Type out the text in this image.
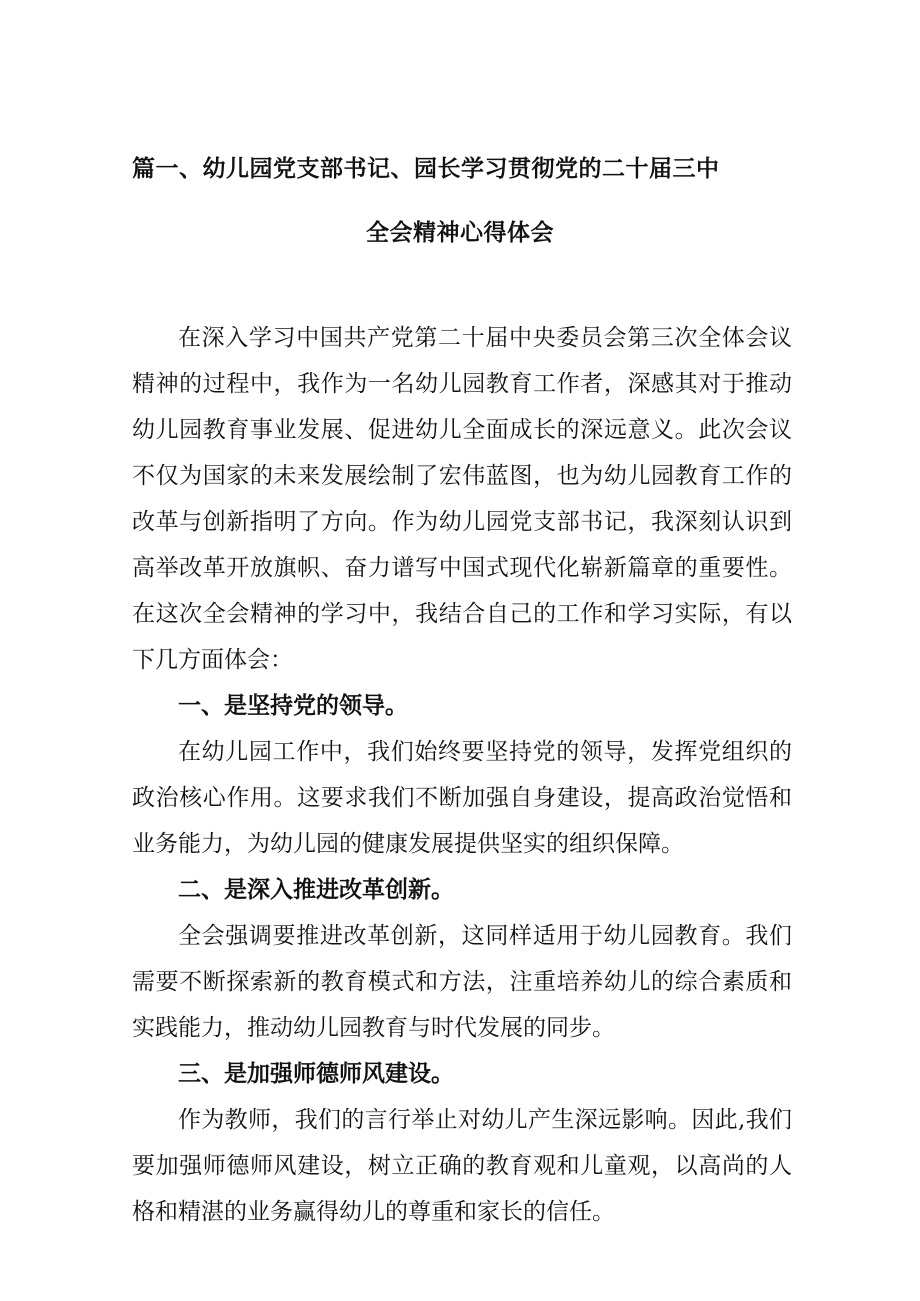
篇一、幼儿园党支部书记、园长学习贯彻党的二十届三中
全会精神心得体会

在深入学习中国共产党第二十届中央委员会第三次全体会议精神的过程中，我作为一名幼儿园教育工作者，深感其对于推动幼儿园教育事业发展、促进幼儿全面成长的深远意义。此次会议不仅为国家的未来发展绘制了宏伟蓝图，也为幼儿园教育工作的改革与创新指明了方向。作为幼儿园党支部书记，我深刻认识到高举改革开放旗帜、奋力谱写中国式现代化崭新篇章的重要性。在这次全会精神的学习中，我结合自己的工作和学习实际，有以下几方面体会：

一、是坚持党的领导。

在幼儿园工作中，我们始终要坚持党的领导，发挥党组织的政治核心作用。这要求我们不断加强自身建设，提高政治觉悟和业务能力，为幼儿园的健康发展提供坚实的组织保障。

二、是深入推进改革创新。

全会强调要推进改革创新，这同样适用于幼儿园教育。我们需要不断探索新的教育模式和方法，注重培养幼儿的综合素质和实践能力，推动幼儿园教育与时代发展的同步。

三、是加强师德师风建设。

作为教师，我们的言行举止对幼儿产生深远影响。因此,我们要加强师德师风建设，树立正确的教育观和儿童观，以高尚的人格和精湛的业务赢得幼儿的尊重和家长的信任。
